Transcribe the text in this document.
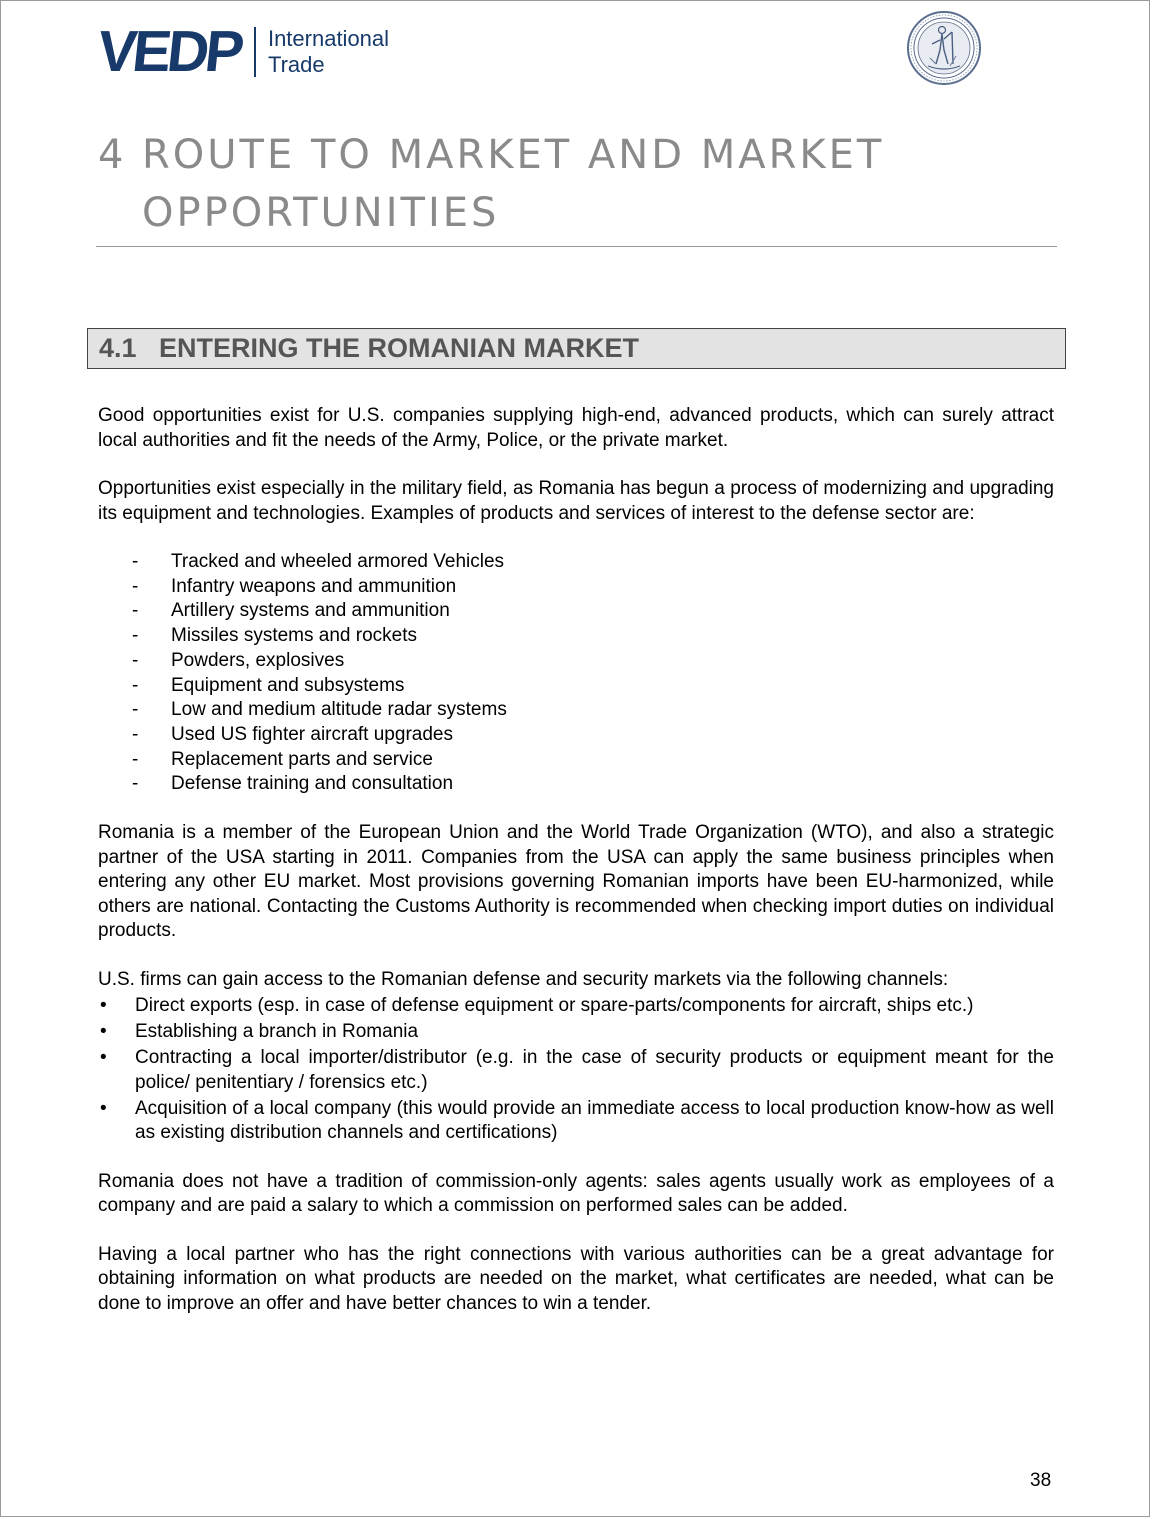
VEDP International
Trade
4 ROUTE TO MARKET AND MARKET
OPPORTUNITIES
4.1 ENTERING THE ROMANIAN MARKET

Good opportunities exist for U.S. companies supplying high-end, advanced products, which can surely attract local authorities and fit the needs of the Army, Police, or the private market.

Opportunities exist especially in the military field, as Romania has begun a process of modernizing and upgrading its equipment and technologies. Examples of products and services of interest to the defense sector are:

- Tracked and wheeled armored Vehicles
- Infantry weapons and ammunition
- Artillery systems and ammunition
- Missiles systems and rockets
- Powders, explosives
- Equipment and subsystems
- Low and medium altitude radar systems
- Used US fighter aircraft upgrades
- Replacement parts and service
- Defense training and consultation

Romania is a member of the European Union and the World Trade Organization (WTO), and also a strategic partner of the USA starting in 2011. Companies from the USA can apply the same business principles when entering any other EU market. Most provisions governing Romanian imports have been EU-harmonized, while others are national. Contacting the Customs Authority is recommended when checking import duties on individual products.

U.S. firms can gain access to the Romanian defense and security markets via the following channels:

• Direct exports (esp. in case of defense equipment or spare-parts/components for aircraft, ships etc.)
• Establishing a branch in Romania
• Contracting a local importer/distributor (e.g. in the case of security products or equipment meant for the police/ penitentiary / forensics etc.)
• Acquisition of a local company (this would provide an immediate access to local production know-how as well as existing distribution channels and certifications)

Romania does not have a tradition of commission-only agents: sales agents usually work as employees of a company and are paid a salary to which a commission on performed sales can be added.

Having a local partner who has the right connections with various authorities can be a great advantage for obtaining information on what products are needed on the market, what certificates are needed, what can be done to improve an offer and have better chances to win a tender.

38
